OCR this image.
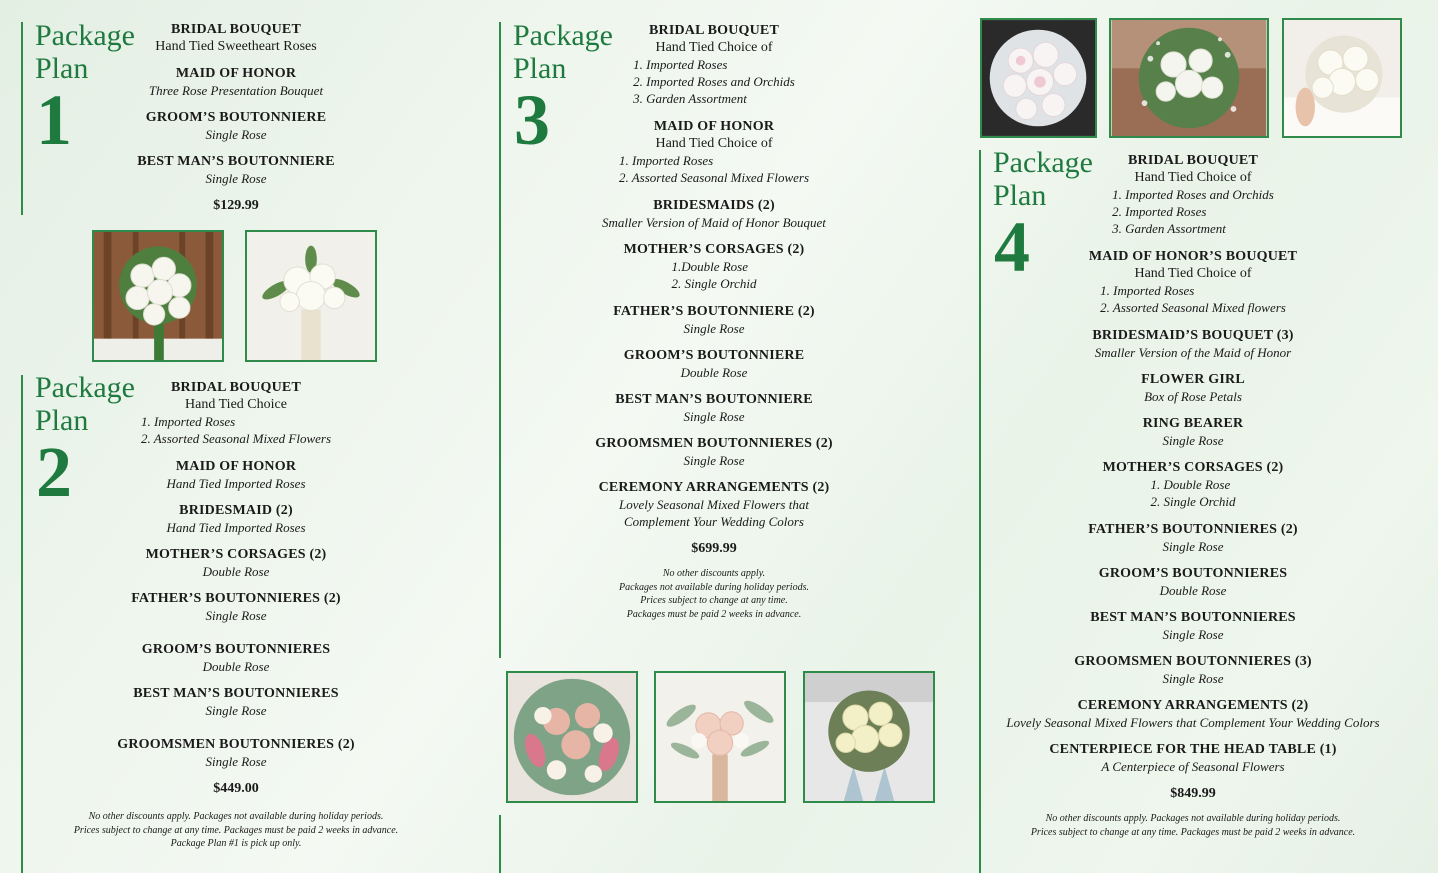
Package
Plan
1
BRIDAL BOUQUET
Hand Tied Sweetheart Roses
MAID OF HONOR
Three Rose Presentation Bouquet
GROOM’S BOUTONNIERE
Single Rose
BEST MAN’S BOUTONNIERE
Single Rose
$129.99
Package
Plan
2
BRIDAL BOUQUET
Hand Tied Choice
1. Imported Roses
2. Assorted Seasonal Mixed Flowers
MAID OF HONOR
Hand Tied Imported Roses
BRIDESMAID (2)
Hand Tied Imported Roses
MOTHER’S CORSAGES (2)
Double Rose
FATHER’S BOUTONNIERES (2)
Single Rose
GROOM’S BOUTONNIERES
Double Rose
BEST MAN’S BOUTONNIERES
Single Rose
GROOMSMEN BOUTONNIERES (2)
Single Rose
$449.00
No other discounts apply. Packages not available during holiday periods.
Prices subject to change at any time. Packages must be paid 2 weeks in advance.
Package Plan #1 is pick up only.
Package
Plan
3
BRIDAL BOUQUET
Hand Tied Choice of
1. Imported Roses
2. Imported Roses and Orchids
3. Garden Assortment
MAID OF HONOR
Hand Tied Choice of
1. Imported Roses
2. Assorted Seasonal Mixed Flowers
BRIDESMAIDS (2)
Smaller Version of Maid of Honor Bouquet
MOTHER’S CORSAGES (2)
1.Double Rose
2. Single Orchid
FATHER’S BOUTONNIERE (2)
Single Rose
GROOM’S BOUTONNIERE
Double Rose
BEST MAN’S BOUTONNIERE
Single Rose
GROOMSMEN BOUTONNIERES (2)
Single Rose
CEREMONY ARRANGEMENTS (2)
Lovely Seasonal Mixed Flowers that
Complement Your Wedding Colors
$699.99
No other discounts apply.
Packages not available during holiday periods.
Prices subject to change at any time.
Packages must be paid 2 weeks in advance.
Package
Plan
4
BRIDAL BOUQUET
Hand Tied Choice of
1. Imported Roses and Orchids
2. Imported Roses
3. Garden Assortment
MAID OF HONOR’S BOUQUET
Hand Tied Choice of
1. Imported Roses
2. Assorted Seasonal Mixed flowers
BRIDESMAID’S BOUQUET (3)
Smaller Version of the Maid of Honor
FLOWER GIRL
Box of Rose Petals
RING BEARER
Single Rose
MOTHER’S CORSAGES (2)
1. Double Rose
2. Single Orchid
FATHER’S BOUTONNIERES (2)
Single Rose
GROOM’S BOUTONNIERES
Double Rose
BEST MAN’S BOUTONNIERES
Single Rose
GROOMSMEN BOUTONNIERES (3)
Single Rose
CEREMONY ARRANGEMENTS (2)
Lovely Seasonal Mixed Flowers that Complement Your Wedding Colors
CENTERPIECE FOR THE HEAD TABLE (1)
A Centerpiece of Seasonal Flowers
$849.99
No other discounts apply. Packages not available during holiday periods.
Prices subject to change at any time. Packages must be paid 2 weeks in advance.
